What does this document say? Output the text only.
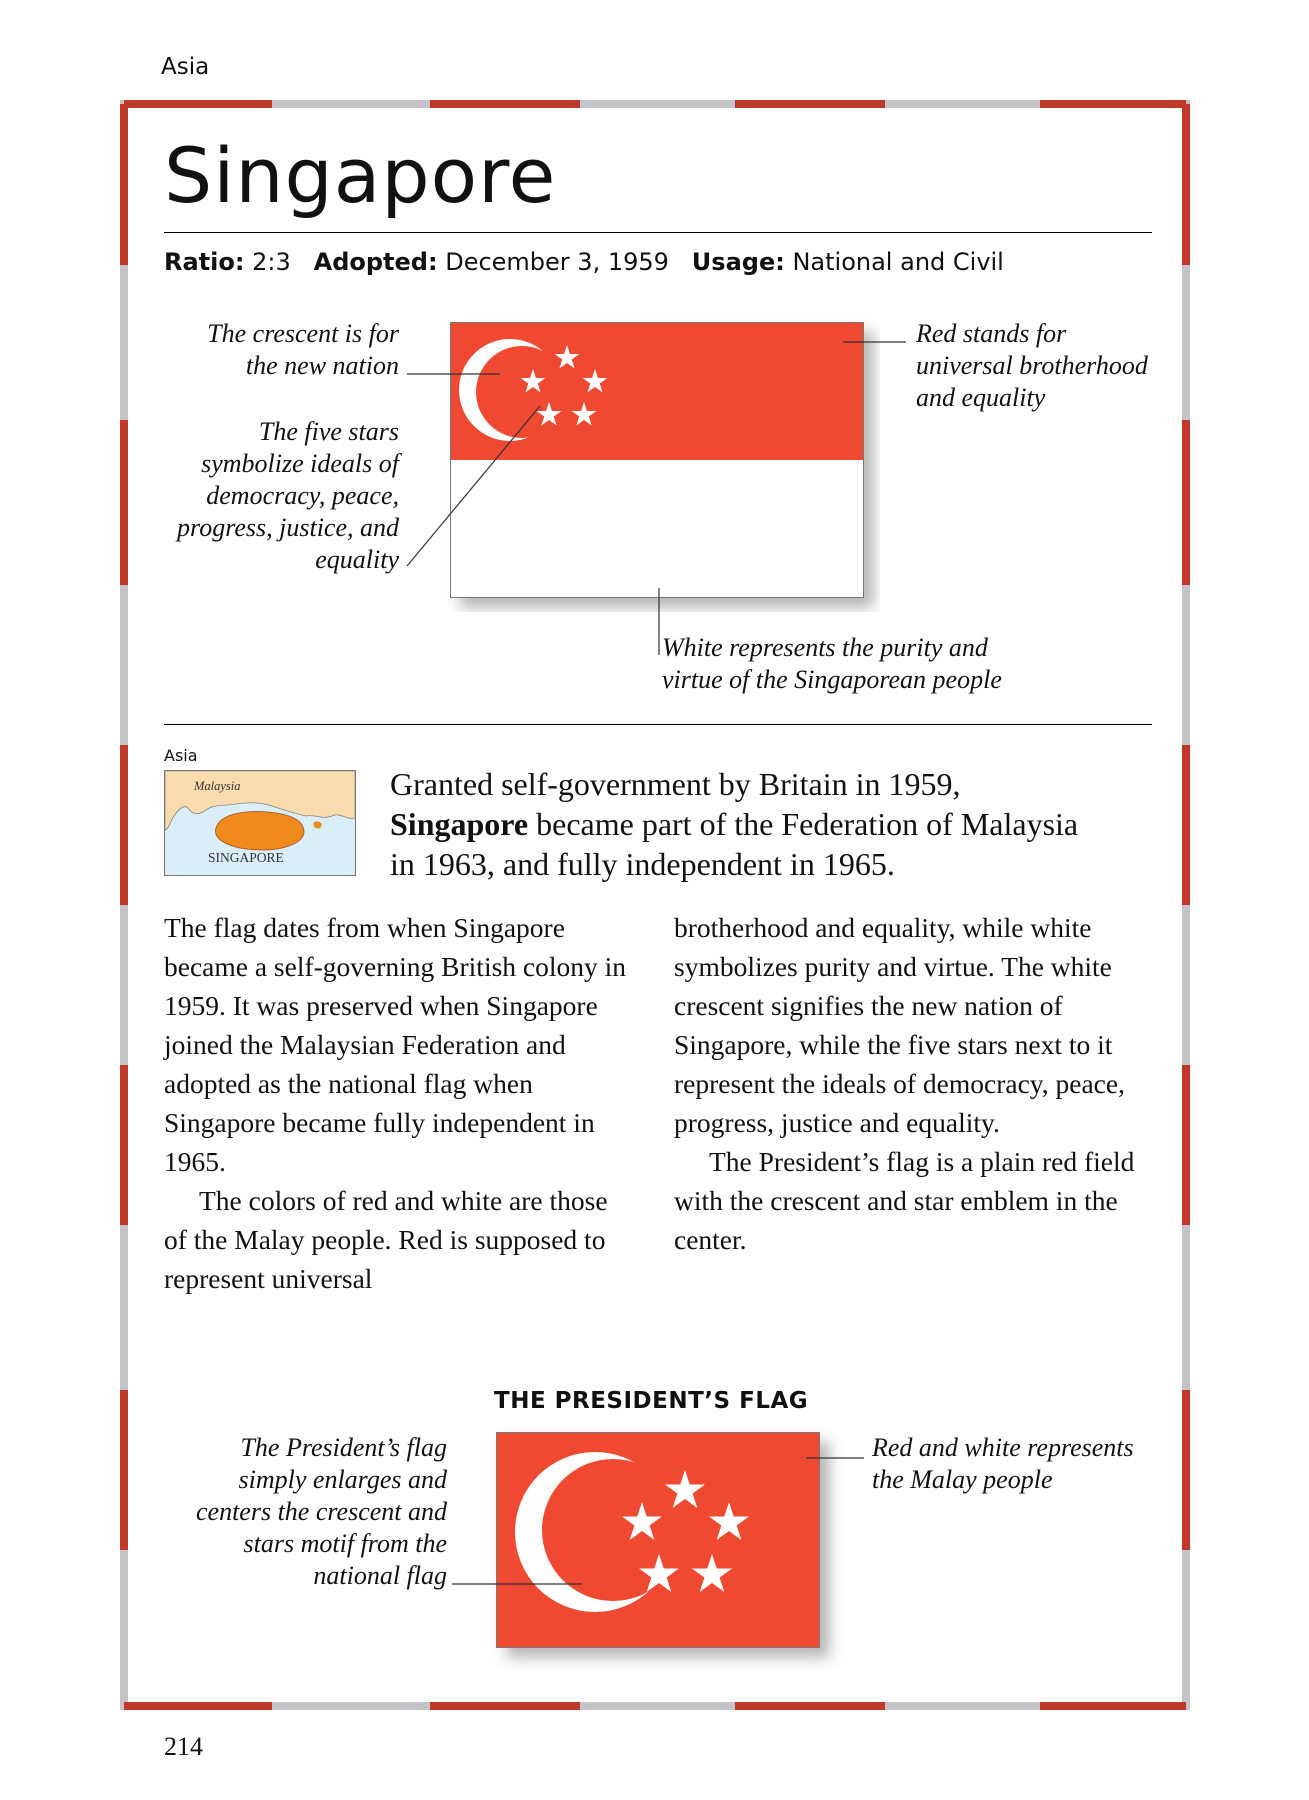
Asia
Singapore
Ratio: 2:3 Adopted: December 3, 1959 Usage: National and Civil
The crescent is for
the new nation
The five stars
symbolize ideals of
democracy, peace,
progress, justice, and
equality
Red stands for
universal brotherhood
and equality
White represents the purity and
virtue of the Singaporean people
Asia
Malaysia
SINGAPORE
Granted self-government by Britain in 1959,
Singapore became part of the Federation of Malaysia in 1963, and fully independent in 1965.

The flag dates from when Singapore became a self-governing British colony in 1959. It was preserved when Singapore joined the Malaysian Federation and adopted as the national flag when Singapore became fully independent in 1965.

The colors of red and white are those of the Malay people. Red is supposed to represent universal

brotherhood and equality, while white symbolizes purity and virtue. The white crescent signifies the new nation of Singapore, while the five stars next to it represent the ideals of democracy, peace, progress, justice and equality.

The President’s flag is a plain red field with the crescent and star emblem in the center.

THE PRESIDENT’S FLAG
The President’s flag
simply enlarges and
centers the crescent and
stars motif from the
national flag
Red and white represents
the Malay people
214
